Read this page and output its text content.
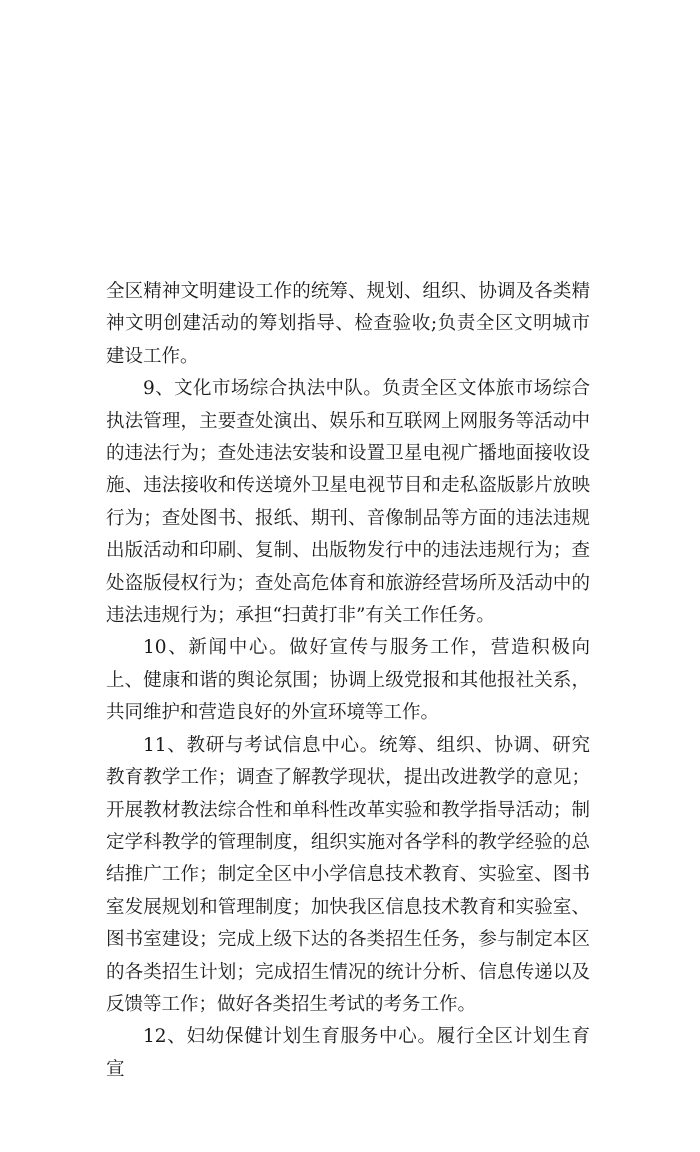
全区精神文明建设工作的统筹、规划、组织、协调及各类精神文明创建活动的筹划指导、检查验收;负责全区文明城市建设工作。

9、文化市场综合执法中队。负责全区文体旅市场综合执法管理，主要查处演出、娱乐和互联网上网服务等活动中的违法行为；查处违法安装和设置卫星电视广播地面接收设施、违法接收和传送境外卫星电视节目和走私盗版影片放映行为；查处图书、报纸、期刊、音像制品等方面的违法违规出版活动和印刷、复制、出版物发行中的违法违规行为；查处盗版侵权行为；查处高危体育和旅游经营场所及活动中的违法违规行为；承担“扫黄打非”有关工作任务。

10、新闻中心。做好宣传与服务工作，营造积极向上、健康和谐的舆论氛围；协调上级党报和其他报社关系，共同维护和营造良好的外宣环境等工作。

11、教研与考试信息中心。统筹、组织、协调、研究教育教学工作；调查了解教学现状，提出改进教学的意见；开展教材教法综合性和单科性改革实验和教学指导活动；制定学科教学的管理制度，组织实施对各学科的教学经验的总结推广工作；制定全区中小学信息技术教育、实验室、图书室发展规划和管理制度；加快我区信息技术教育和实验室、图书室建设；完成上级下达的各类招生任务，参与制定本区的各类招生计划；完成招生情况的统计分析、信息传递以及反馈等工作；做好各类招生考试的考务工作。

12、妇幼保健计划生育服务中心。履行全区计划生育宣
